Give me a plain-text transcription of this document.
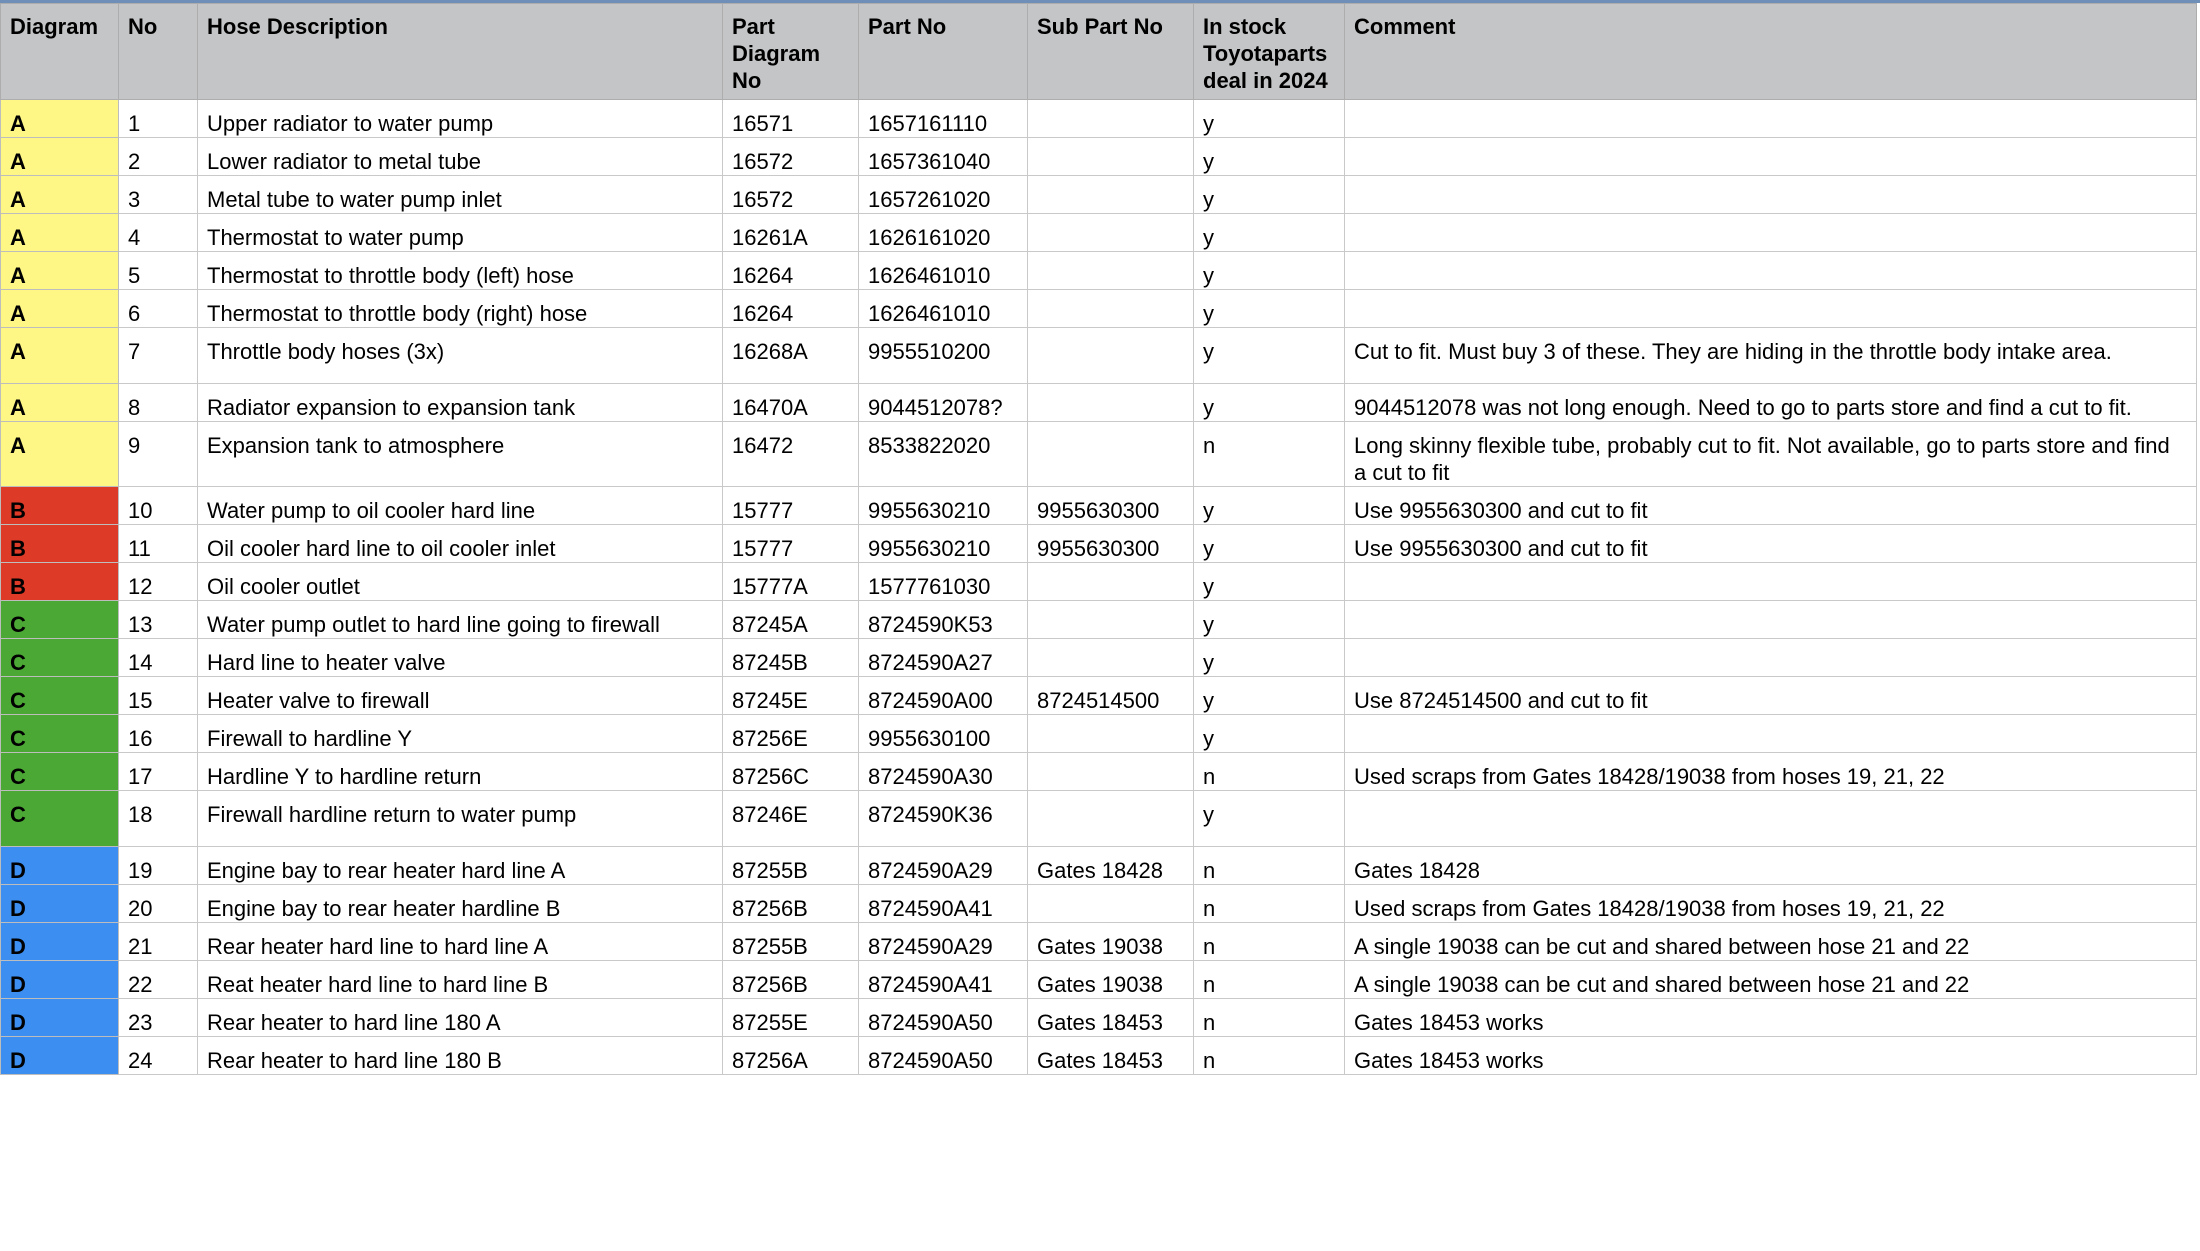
Diagram	No	Hose Description	Part Diagram No	Part No	Sub Part No	In stock Toyotaparts deal in 2024	Comment
A	1	Upper radiator to water pump	16571	1657161110		y	
A	2	Lower radiator to metal tube	16572	1657361040		y	
A	3	Metal tube to water pump inlet	16572	1657261020		y	
A	4	Thermostat to water pump	16261A	1626161020		y	
A	5	Thermostat to throttle body (left) hose	16264	1626461010		y	
A	6	Thermostat to throttle body (right) hose	16264	1626461010		y	
A	7	Throttle body hoses (3x)	16268A	9955510200		y	Cut to fit. Must buy 3 of these. They are hiding in the throttle body intake area.
A	8	Radiator expansion to expansion tank	16470A	9044512078?		y	9044512078 was not long enough. Need to go to parts store and find a cut to fit.
A	9	Expansion tank to atmosphere	16472	8533822020		n	Long skinny flexible tube, probably cut to fit. Not available, go to parts store and find a cut to fit
B	10	Water pump to oil cooler hard line	15777	9955630210	9955630300	y	Use 9955630300 and cut to fit
B	11	Oil cooler hard line to oil cooler inlet	15777	9955630210	9955630300	y	Use 9955630300 and cut to fit
B	12	Oil cooler outlet	15777A	1577761030		y	
C	13	Water pump outlet to hard line going to firewall	87245A	8724590K53		y	
C	14	Hard line to heater valve	87245B	8724590A27		y	
C	15	Heater valve to firewall	87245E	8724590A00	8724514500	y	Use 8724514500 and cut to fit
C	16	Firewall to hardline Y	87256E	9955630100		y	
C	17	Hardline Y to hardline return	87256C	8724590A30		n	Used scraps from Gates 18428/19038 from hoses 19, 21, 22
C	18	Firewall hardline return to water pump	87246E	8724590K36		y	
D	19	Engine bay to rear heater hard line A	87255B	8724590A29	Gates 18428	n	Gates 18428
D	20	Engine bay to rear heater hardline B	87256B	8724590A41		n	Used scraps from Gates 18428/19038 from hoses 19, 21, 22
D	21	Rear heater hard line to hard line A	87255B	8724590A29	Gates 19038	n	A single 19038 can be cut and shared between hose 21 and 22
D	22	Reat heater hard line to hard line B	87256B	8724590A41	Gates 19038	n	A single 19038 can be cut and shared between hose 21 and 22
D	23	Rear heater to hard line 180 A	87255E	8724590A50	Gates 18453	n	Gates 18453 works
D	24	Rear heater to hard line 180 B	87256A	8724590A50	Gates 18453	n	Gates 18453 works
